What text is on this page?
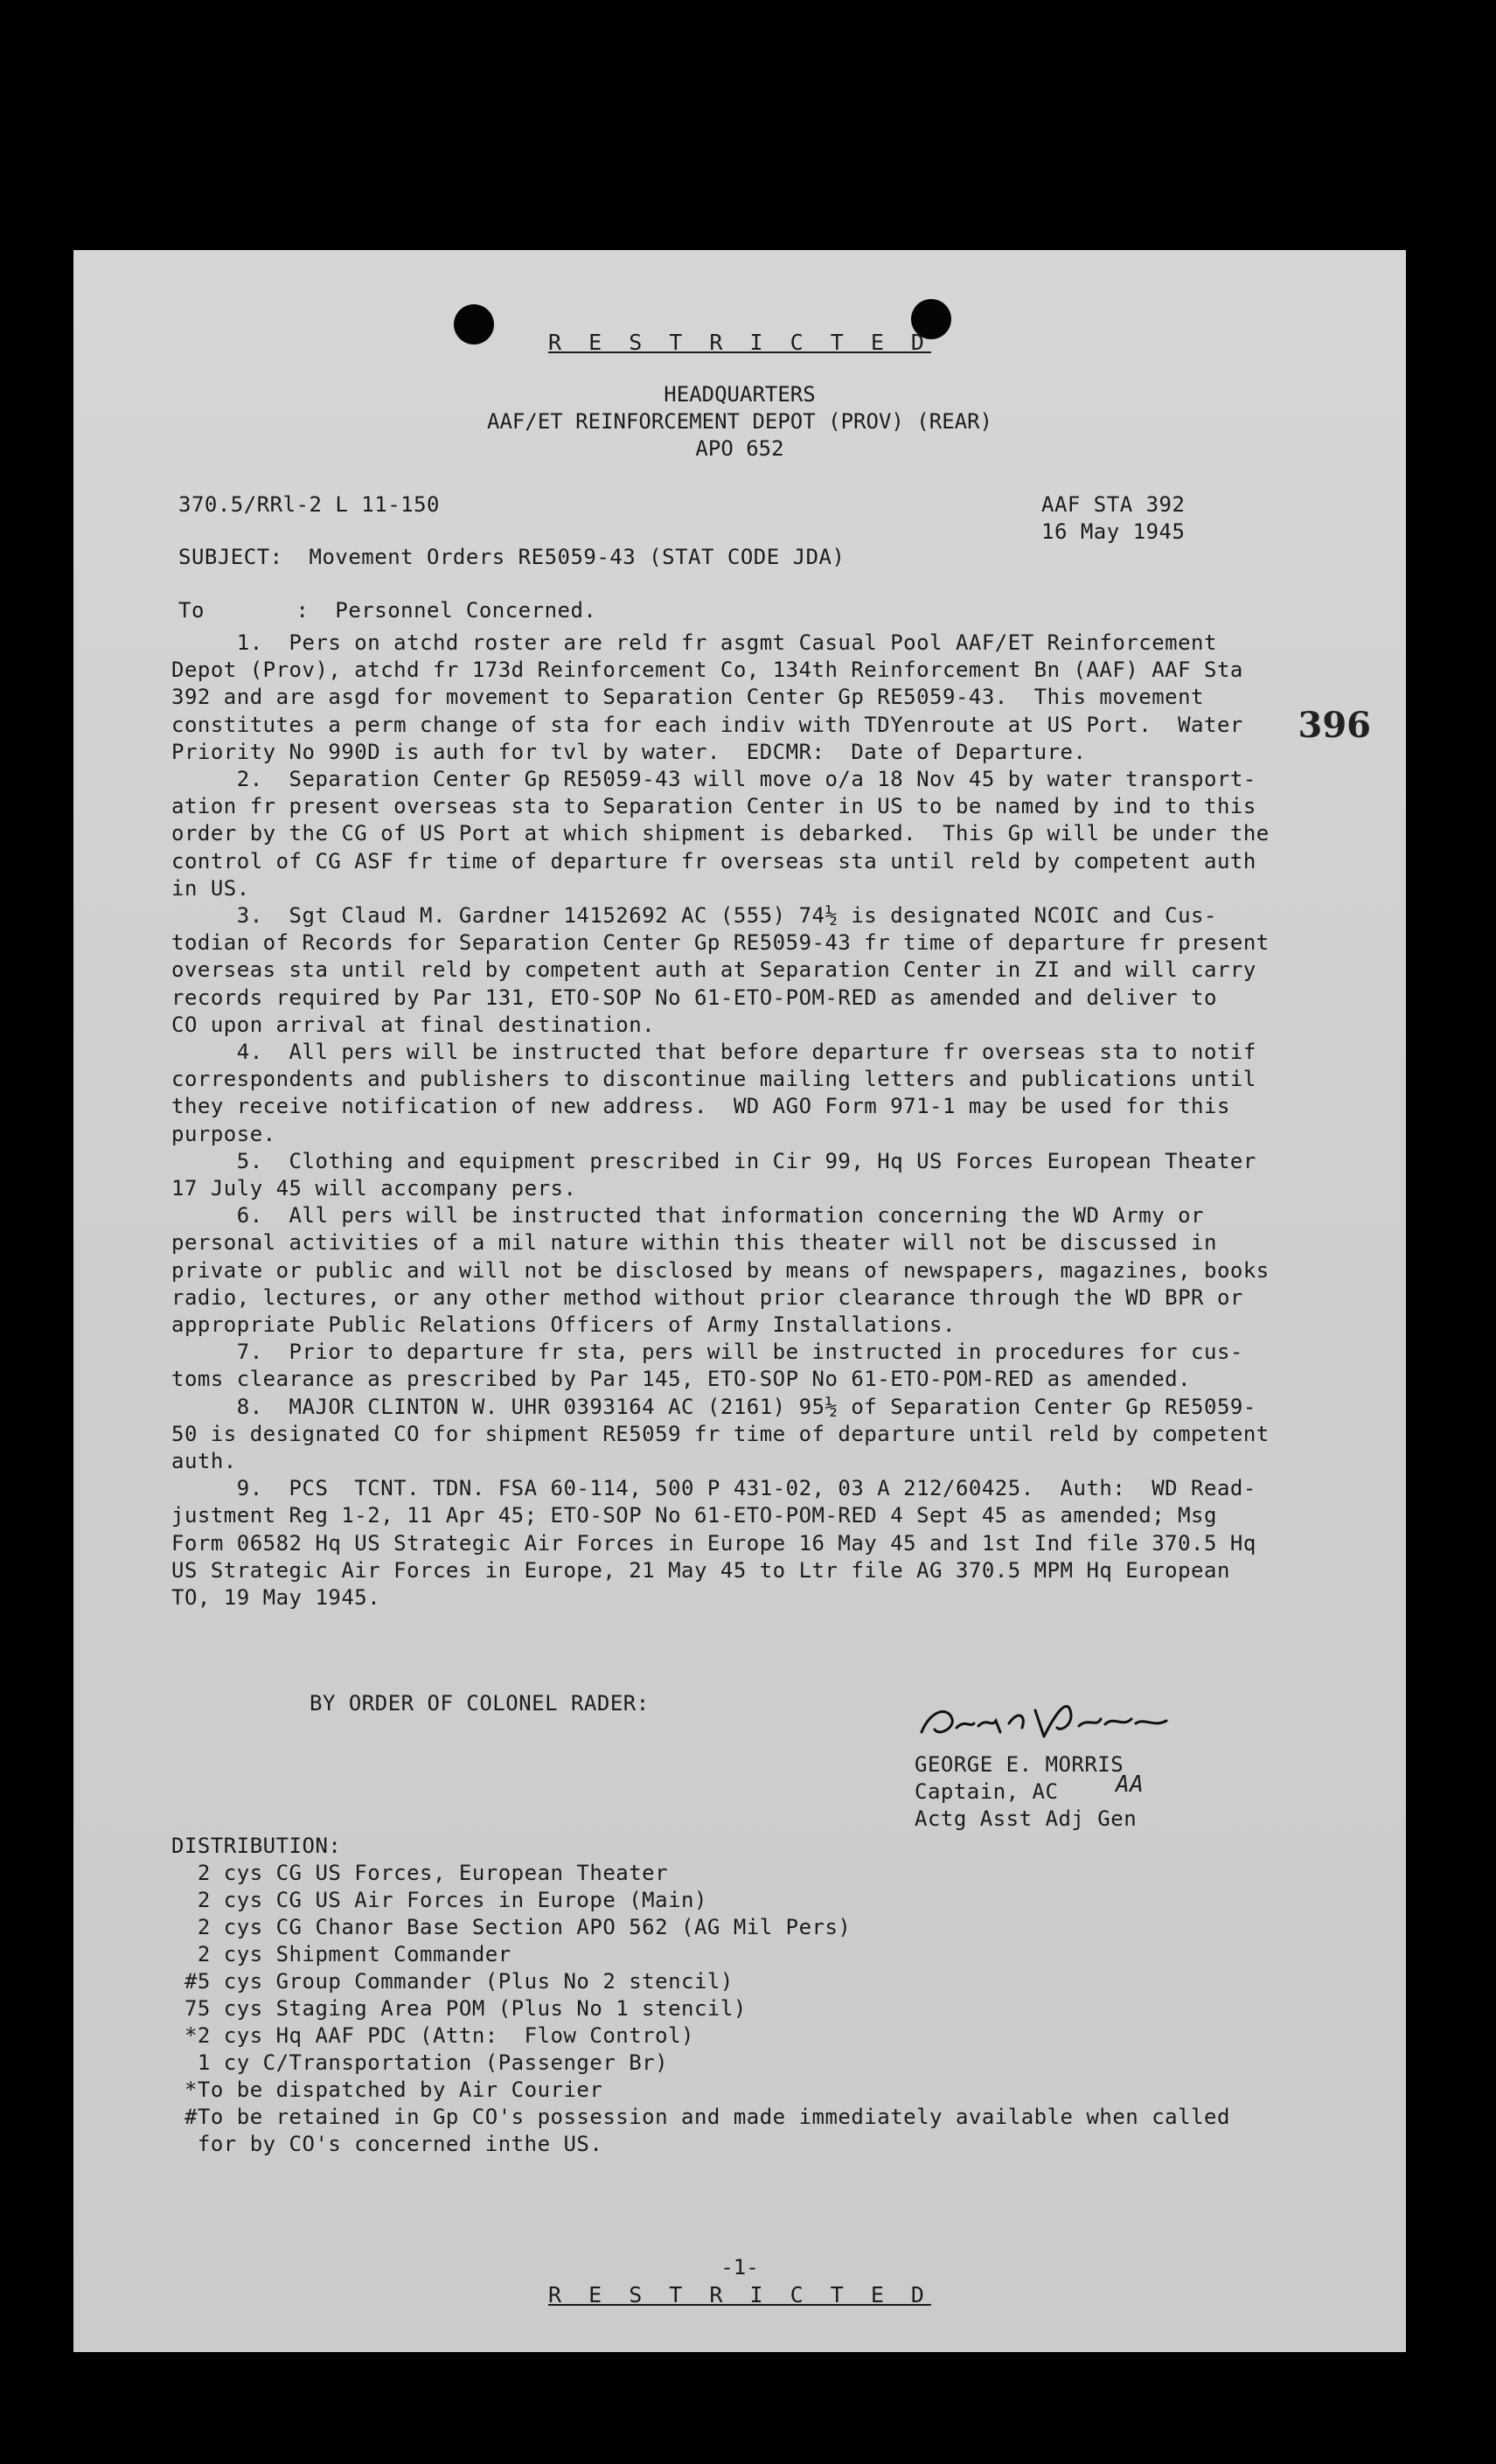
R E S T R I C T E D
HEADQUARTERS
AAF/ET REINFORCEMENT DEPOT (PROV) (REAR)
APO 652
370.5/RRl-2 L 11-150	AAF STA 392
16 May 1945
SUBJECT:  Movement Orders RE5059-43 (STAT CODE JDA)
To       :  Personnel Concerned.
1.  Pers on atchd roster are reld fr asgmt Casual Pool AAF/ET Reinforcement
Depot (Prov), atchd fr 173d Reinforcement Co, 134th Reinforcement Bn (AAF) AAF Sta
392 and are asgd for movement to Separation Center Gp RE5059-43.  This movement
constitutes a perm change of sta for each indiv with TDYenroute at US Port.  Water
Priority No 990D is auth for tvl by water.  EDCMR:  Date of Departure.
2.  Separation Center Gp RE5059-43 will move o/a 18 Nov 45 by water transport-
ation fr present overseas sta to Separation Center in US to be named by ind to this
order by the CG of US Port at which shipment is debarked.  This Gp will be under the
control of CG ASF fr time of departure fr overseas sta until reld by competent auth
in US.
3.  Sgt Claud M. Gardner 14152692 AC (555) 74½ is designated NCOIC and Cus-
todian of Records for Separation Center Gp RE5059-43 fr time of departure fr present
overseas sta until reld by competent auth at Separation Center in ZI and will carry
records required by Par 131, ETO-SOP No 61-ETO-POM-RED as amended and deliver to
CO upon arrival at final destination.
4.  All pers will be instructed that before departure fr overseas sta to notif
correspondents and publishers to discontinue mailing letters and publications until
they receive notification of new address.  WD AGO Form 971-1 may be used for this
purpose.
5.  Clothing and equipment prescribed in Cir 99, Hq US Forces European Theater
17 July 45 will accompany pers.
6.  All pers will be instructed that information concerning the WD Army or
personal activities of a mil nature within this theater will not be discussed in
private or public and will not be disclosed by means of newspapers, magazines, books
radio, lectures, or any other method without prior clearance through the WD BPR or
appropriate Public Relations Officers of Army Installations.
7.  Prior to departure fr sta, pers will be instructed in procedures for cus-
toms clearance as prescribed by Par 145, ETO-SOP No 61-ETO-POM-RED as amended.
8.  MAJOR CLINTON W. UHR 0393164 AC (2161) 95½ of Separation Center Gp RE5059-
50 is designated CO for shipment RE5059 fr time of departure until reld by competent
auth.
9.  PCS  TCNT. TDN. FSA 60-114, 500 P 431-02, 03 A 212/60425.  Auth:  WD Read-
justment Reg 1-2, 11 Apr 45; ETO-SOP No 61-ETO-POM-RED 4 Sept 45 as amended; Msg
Form 06582 Hq US Strategic Air Forces in Europe 16 May 45 and 1st Ind file 370.5 Hq
US Strategic Air Forces in Europe, 21 May 45 to Ltr file AG 370.5 MPM Hq European
TO, 19 May 1945.
396
BY ORDER OF COLONEL RADER:
GEORGE E. MORRIS
Captain, AC	AA
Actg Asst Adj Gen
DISTRIBUTION:
2 cys CG US Forces, European Theater
2 cys CG US Air Forces in Europe (Main)
2 cys CG Chanor Base Section APO 562 (AG Mil Pers)
2 cys Shipment Commander
#5 cys Group Commander (Plus No 2 stencil)
75 cys Staging Area POM (Plus No 1 stencil)
*2 cys Hq AAF PDC (Attn:  Flow Control)
1 cy C/Transportation (Passenger Br)
*To be dispatched by Air Courier
#To be retained in Gp CO's possession and made immediately available when called
for by CO's concerned inthe US.
-1-
R E S T R I C T E D
